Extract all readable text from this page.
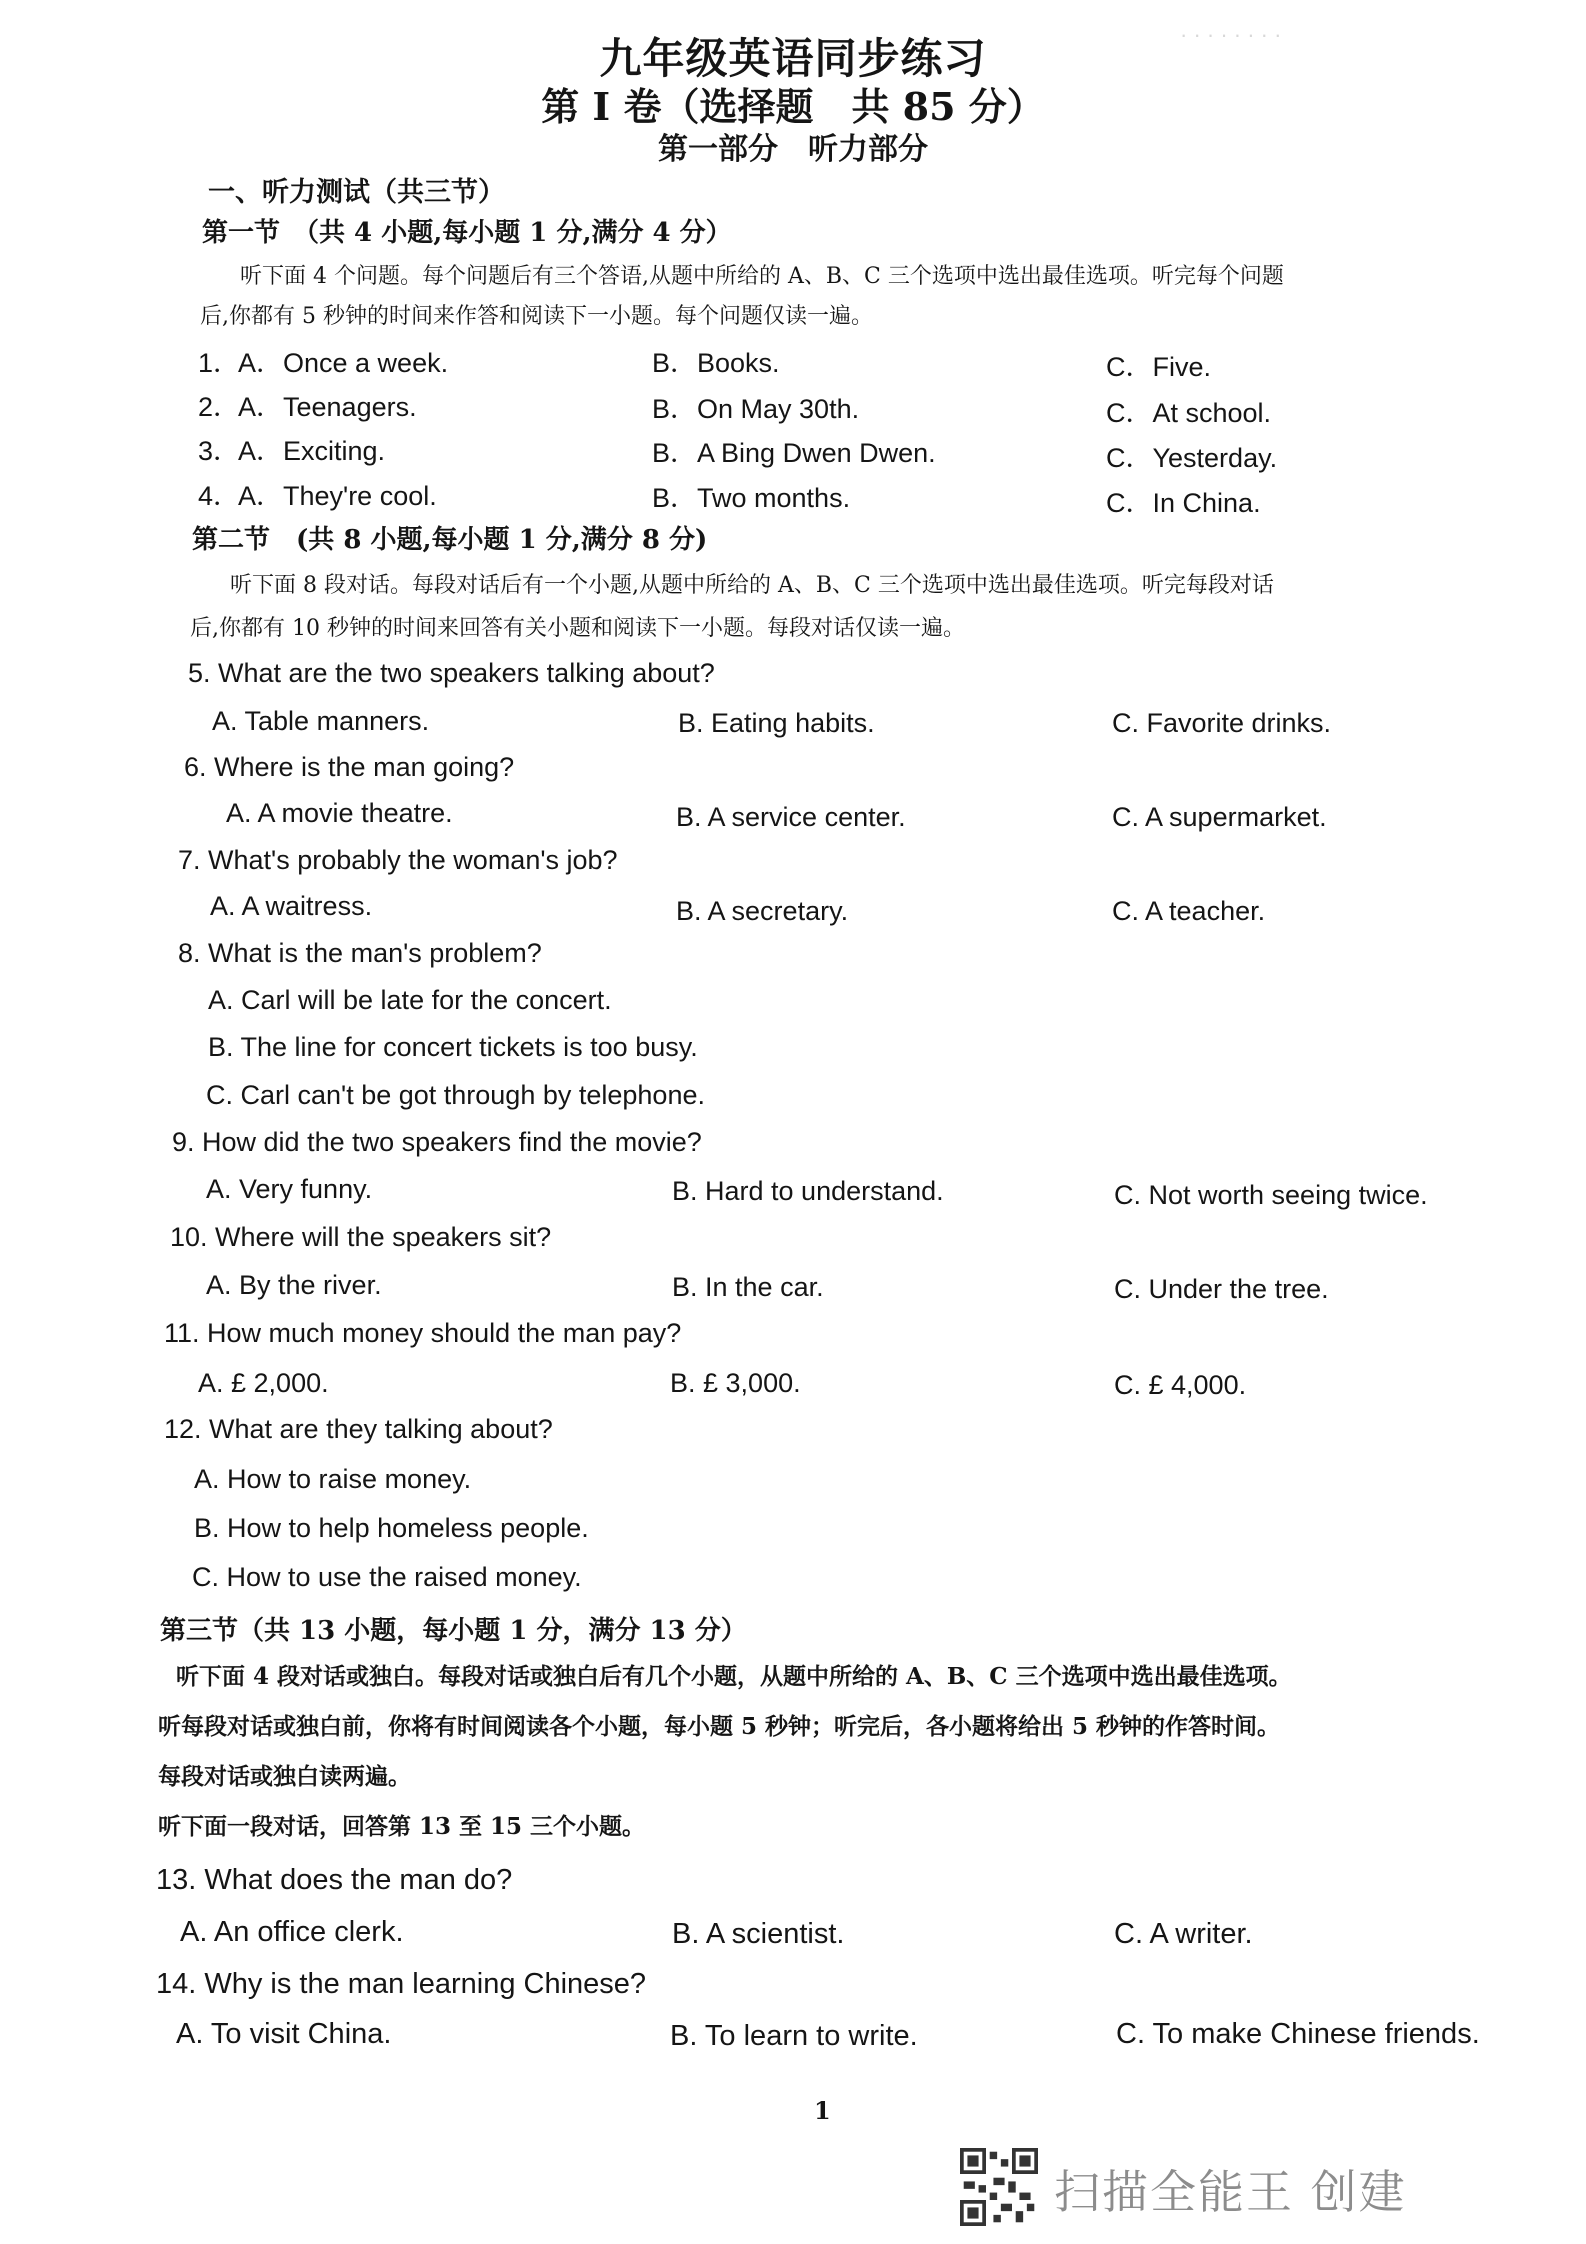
· · · · · · · ·
九年级英语同步练习
第 I 卷（选择题　共 85 分）
第一部分　听力部分
一、听力测试（共三节）
第一节　（共 4 小题,每小题 1 分,满分 4 分）
听下面 4 个问题。每个问题后有三个答语,从题中所给的 A、B、C 三个选项中选出最佳选项。听完每个问题
后,你都有 5 秒钟的时间来作答和阅读下一小题。每个问题仅读一遍。
1．
A．Once a week.	B．Books.	C．Five.
2．
A．Teenagers.	B．On May 30th.	C．At school.
3．
A．Exciting.	B．A Bing Dwen Dwen.	C．Yesterday.
4．
A．They're cool.	B．Two months.	C．In China.
第二节　(共 8 小题,每小题 1 分,满分 8 分)
听下面 8 段对话。每段对话后有一个小题,从题中所给的 A、B、C 三个选项中选出最佳选项。听完每段对话
后,你都有 10 秒钟的时间来回答有关小题和阅读下一小题。每段对话仅读一遍。
5. What are the two speakers talking about?
A. Table manners.	B. Eating habits.	C. Favorite drinks.
6. Where is the man going?
A. A movie theatre.	B. A service center.	C. A supermarket.
7. What's probably the woman's job?
A. A waitress.	B. A secretary.	C. A teacher.
8. What is the man's problem?
A. Carl will be late for the concert.
B. The line for concert tickets is too busy.
C. Carl can't be got through by telephone.
9. How did the two speakers find the movie?
A. Very funny.	B. Hard to understand.	C. Not worth seeing twice.
10. Where will the speakers sit?
A. By the river.	B. In the car.	C. Under the tree.
11. How much money should the man pay?
A. £ 2,000.	B. £ 3,000.	C. £ 4,000.
12. What are they talking about?
A. How to raise money.
B. How to help homeless people.
C. How to use the raised money.
第三节（共 13 小题，每小题 1 分，满分 13 分）
听下面 4 段对话或独白。每段对话或独白后有几个小题，从题中所给的 A、B、C 三个选项中选出最佳选项。
听每段对话或独白前，你将有时间阅读各个小题，每小题 5 秒钟；听完后，各小题将给出 5 秒钟的作答时间。
每段对话或独白读两遍。
听下面一段对话，回答第 13 至 15 三个小题。
13. What does the man do?
A. An office clerk.	B. A scientist.	C. A writer.
14. Why is the man learning Chinese?
A. To visit China.	B. To learn to write.	C. To make Chinese friends.
1
扫描全能王 创建
